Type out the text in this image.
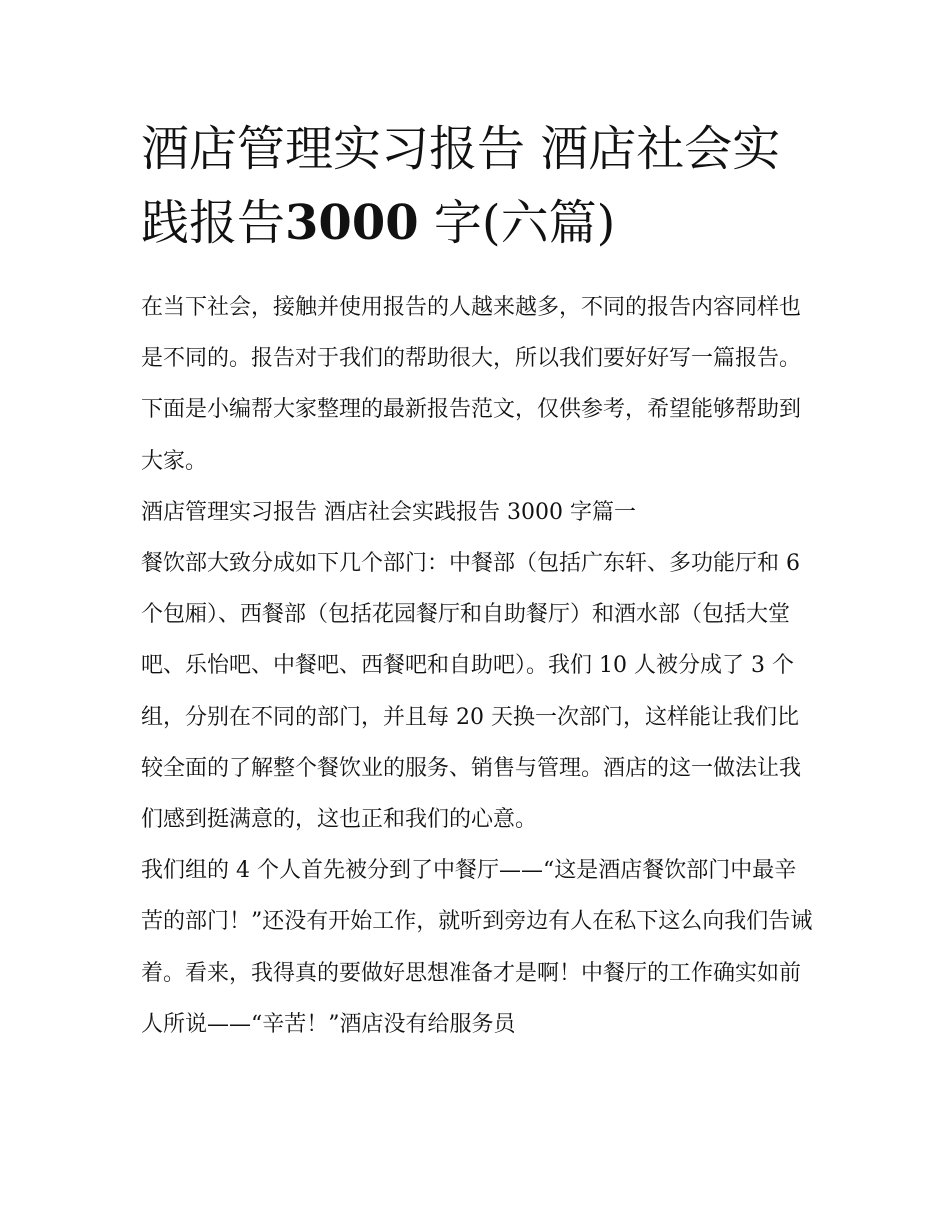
酒店管理实习报告 酒店社会实践报告3000 字(六篇)

在当下社会，接触并使用报告的人越来越多，不同的报告内容同样也是不同的。报告对于我们的帮助很大，所以我们要好好写一篇报告。下面是小编帮大家整理的最新报告范文，仅供参考，希望能够帮助到大家。

酒店管理实习报告 酒店社会实践报告 3000 字篇一

餐饮部大致分成如下几个部门：中餐部（包括广东轩、多功能厅和 6 个包厢）、西餐部（包括花园餐厅和自助餐厅）和酒水部（包括大堂吧、乐怡吧、中餐吧、西餐吧和自助吧）。我们 10 人被分成了 3 个组，分别在不同的部门，并且每 20 天换一次部门，这样能让我们比较全面的了解整个餐饮业的服务、销售与管理。酒店的这一做法让我们感到挺满意的，这也正和我们的心意。

我们组的 4 个人首先被分到了中餐厅——“这是酒店餐饮部门中最辛苦的部门！”还没有开始工作，就听到旁边有人在私下这么向我们告诫着。看来，我得真的要做好思想准备才是啊！中餐厅的工作确实如前人所说——“辛苦！”酒店没有给服务员
